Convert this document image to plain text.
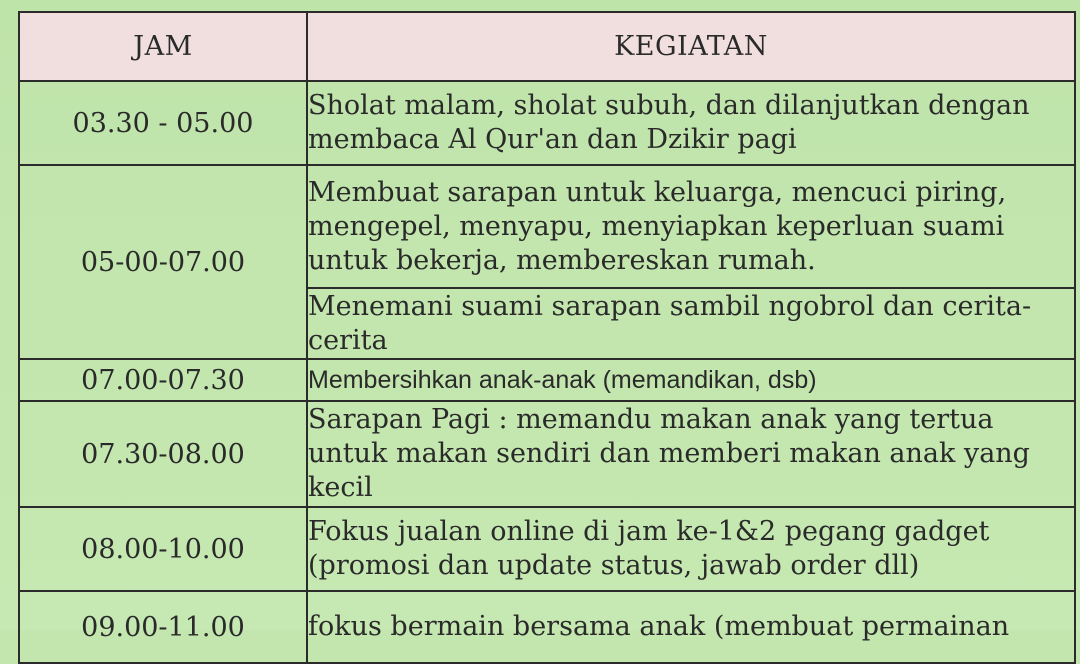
JAM	KEGIATAN
03.30 - 05.00	Sholat malam, sholat subuh, dan dilanjutkan dengan membaca Al Qur'an dan Dzikir pagi
05-00-07.00	Membuat sarapan untuk keluarga, mencuci piring, mengepel, menyapu, menyiapkan keperluan suami untuk bekerja, membereskan rumah.
	Menemani suami sarapan sambil ngobrol dan cerita-cerita
07.00-07.30	Membersihkan anak-anak (memandikan, dsb)
07.30-08.00	Sarapan Pagi : memandu makan anak yang tertua untuk makan sendiri dan memberi makan anak yang kecil
08.00-10.00	Fokus jualan online di jam ke-1&2 pegang gadget (promosi dan update status, jawab order dll)
09.00-11.00	fokus bermain bersama anak (membuat permainan
